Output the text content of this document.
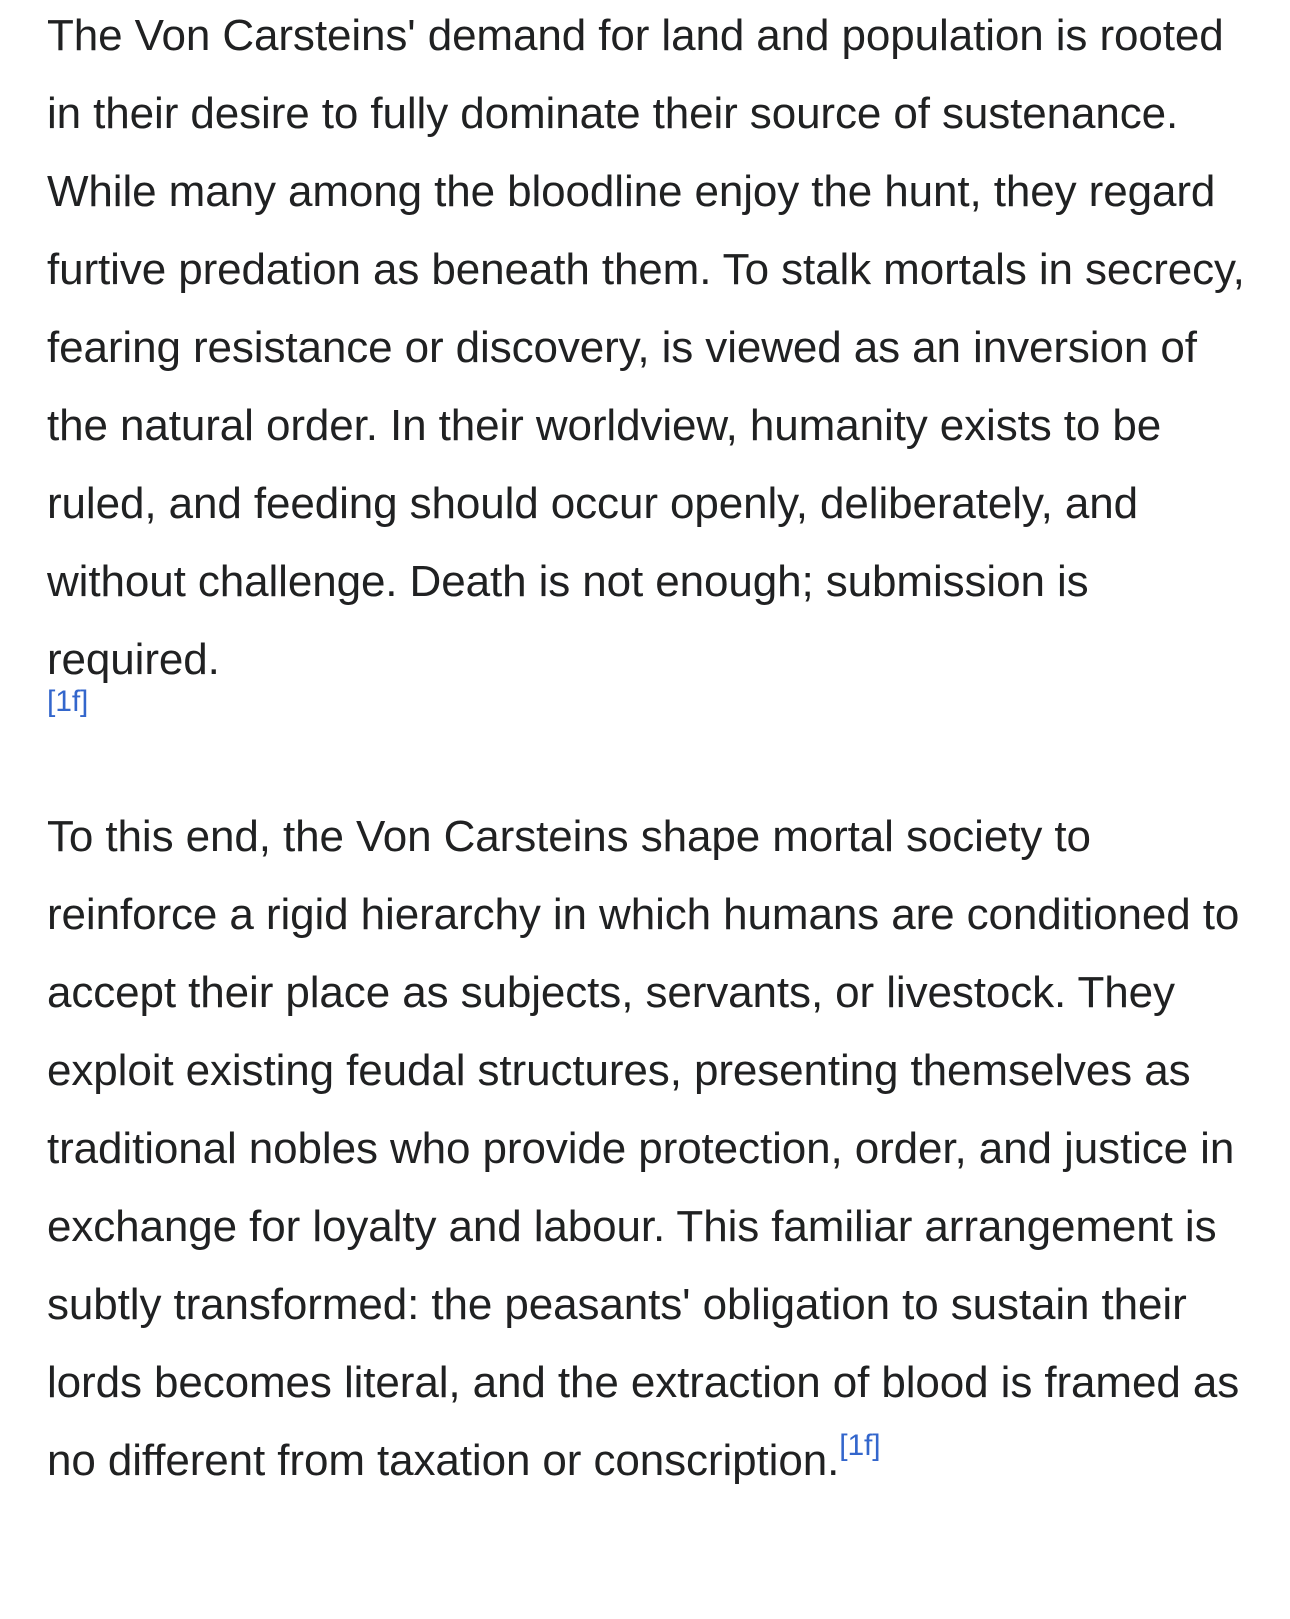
The Von Carsteins' demand for land and population is rooted in their desire to fully dominate their source of sustenance. While many among the bloodline enjoy the hunt, they regard furtive predation as beneath them. To stalk mortals in secrecy, fearing resistance or discovery, is viewed as an inversion of the natural order. In their worldview, humanity exists to be ruled, and feeding should occur openly, deliberately, and without challenge. Death is not enough; submission is required.

[1f]

To this end, the Von Carsteins shape mortal society to reinforce a rigid hierarchy in which humans are conditioned to accept their place as subjects, servants, or livestock. They exploit existing feudal structures, presenting themselves as traditional nobles who provide protection, order, and justice in exchange for loyalty and labour. This familiar arrangement is subtly transformed: the peasants' obligation to sustain their lords becomes literal, and the extraction of blood is framed as no different from taxation or conscription.[1f]
